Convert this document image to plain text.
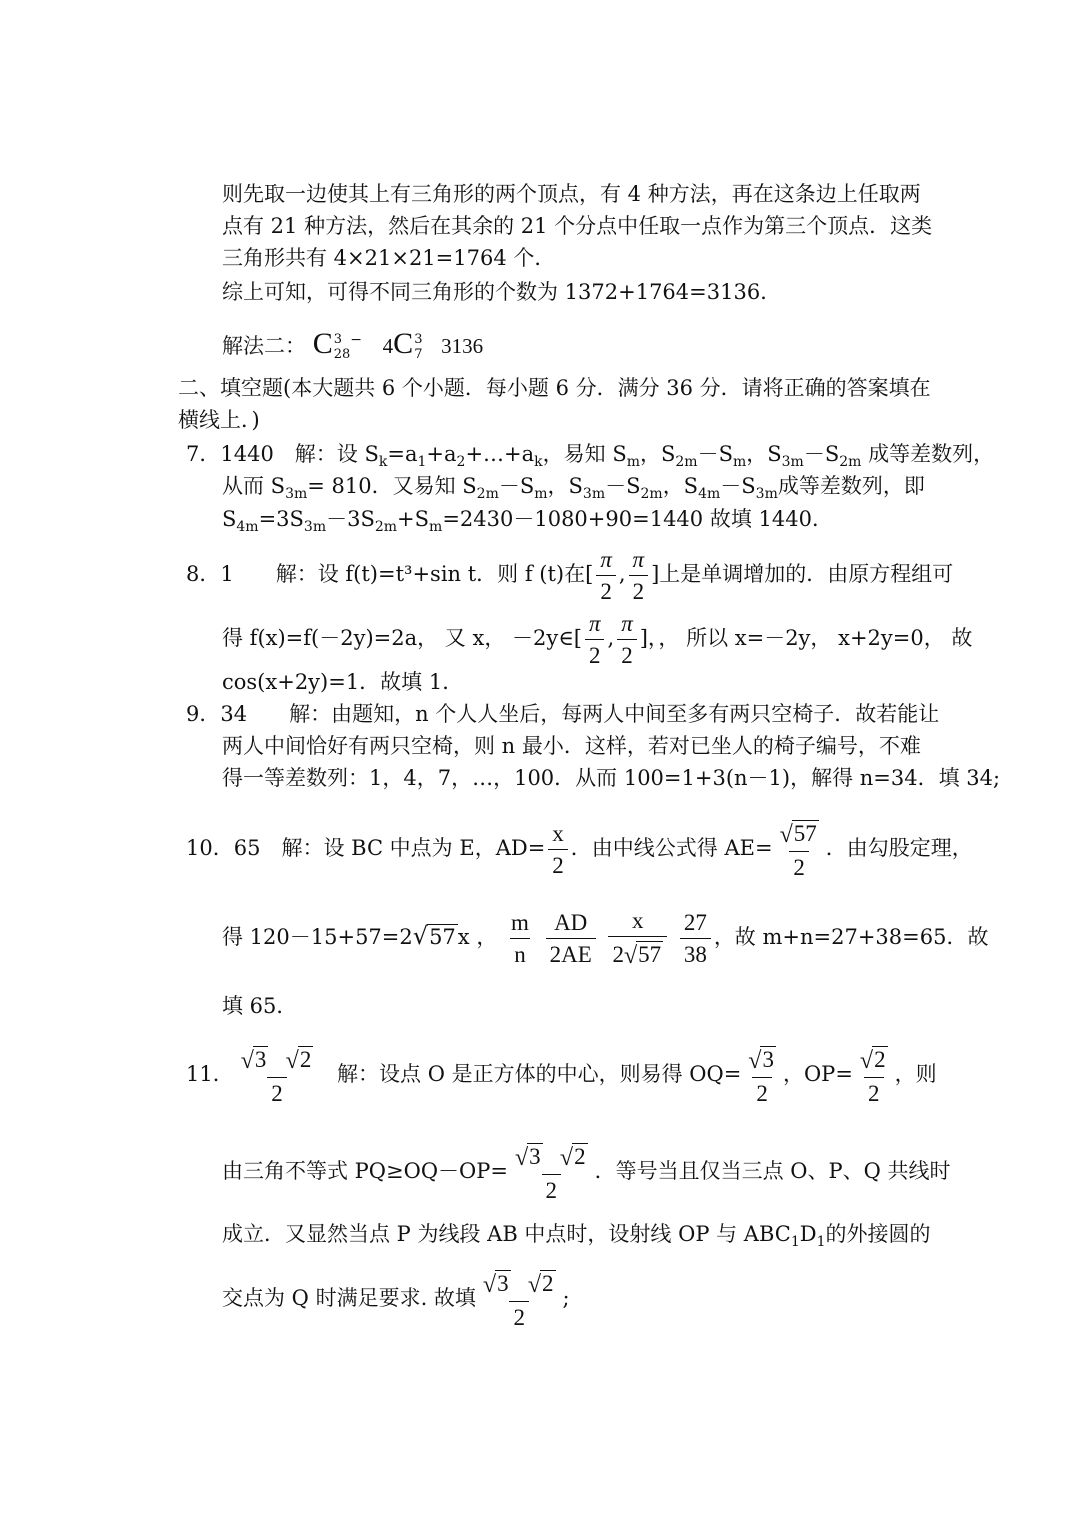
则先取一边使其上有三角形的两个顶点，有 4 种方法，再在这条边上任取两
点有 21 种方法，然后在其余的 21 个分点中任取一点作为第三个顶点．这类
三角形共有 4×21×21=1764 个．
综上可知，可得不同三角形的个数为 1372+1764=3136．
解法二： C 3
28
− 4C 3
7 3136
二、填空题(本大题共 6 个小题．每小题 6 分．满分 36 分．请将正确的答案填在
横线上．)
7．1440　解：设 $S_k=a_1+a_2+\dots+a_k$，易知 $S_m$，$S_{2m}-S_m$，$S_{3m}-S_{2m}$ 成等差数列，
从而 $S_{3m}= 810$．又易知 $S_{2m}-S_m$，$S_{3m}-S_{2m}$，$S_{4m}-S_{3m}$成等差数列，即
$S_{4m}=3S_{3m}-3S_{2m}+S_m=2430-1080+90=1440$ 故填 1440．
8．1　　解：设 f(t)=t³+sin t．则 f (t)在[ $\frac{\pi}{2}$ , $\frac{\pi}{2}$ ]上是单调增加的．由原方程组可
得 f(x)=f(－2y)=2a， 又 x， －2y∈[ $\frac{\pi}{2}$ , $\frac{\pi}{2}$ ]，， 所以 x=－2y， x+2y=0， 故
cos(x+2y)=1．故填 1．
9．34　　解：由题知，n 个人人坐后，每两人中间至多有两只空椅子．故若能让
两人中间恰好有两只空椅，则 n 最小．这样，若对已坐人的椅子编号，不难
得一等差数列：1，4，7，…，100．从而 100=1+3(n－1)，解得 n=34．填 34;
10．65　解：设 BC 中点为 E，$AD= \frac{x}{2}$ ．由中线公式得 $AE= \frac{√ 57}{2}$ ．由勾股定理，
得 120－15+57=2 √ 57 x ， $\frac{m}{n}$
$\frac{AD}{2AE}$
$\frac{x}{2 √ 57}$
$\frac{27}{38}$ ，故 m+n=27+38=65．故
填 65．
11． √ 3
√ 2
2 解：设点 O 是正方体的中心，则易得 $OQ= \frac{√ 3}{2}$ ，$OP= \frac{√ 2}{2}$ ，则
由三角不等式 PQ≥OQ－OP= √ 3
√ 2
2 ．等号当且仅当三点 O、P、Q 共线时
成立．又显然当点 P 为线段 AB 中点时，设射线 OP 与 $ABC_1D_1$的外接圆的
交点为 Q 时满足要求. 故填 √ 3
√ 2
2 ;
